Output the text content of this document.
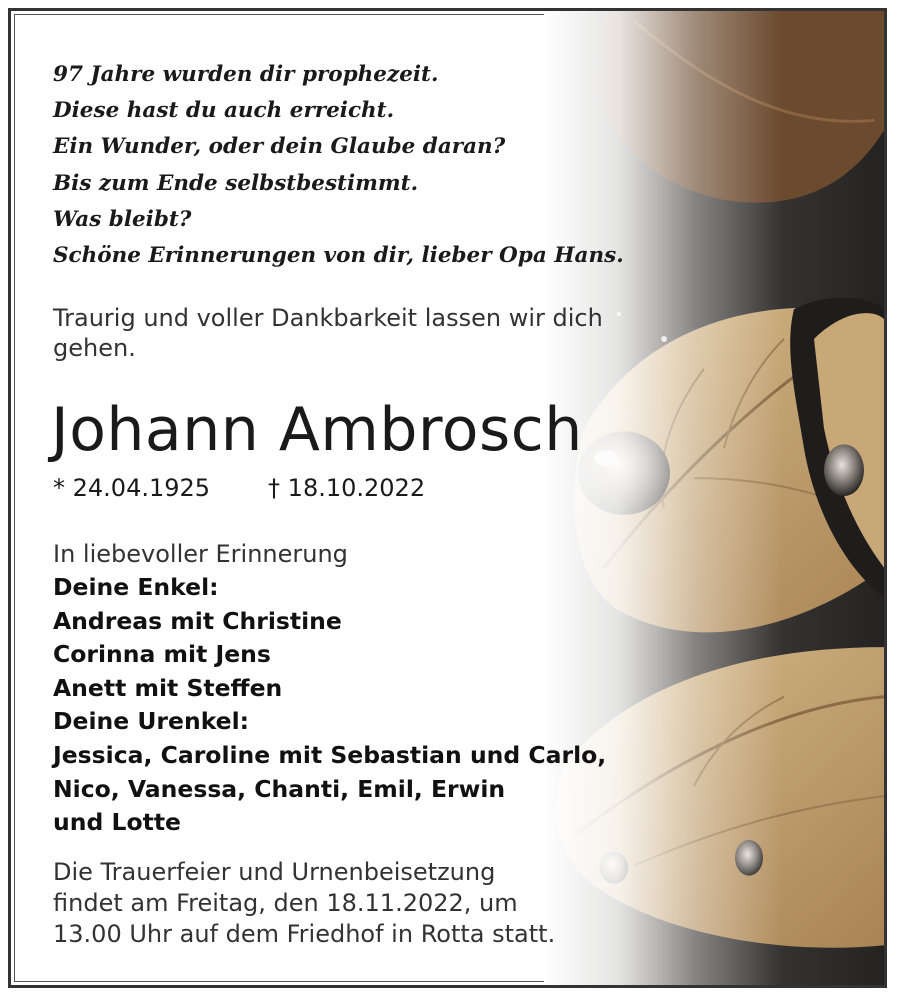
97 Jahre wurden dir prophezeit.
Diese hast du auch erreicht.
Ein Wunder, oder dein Glaube daran?
Bis zum Ende selbstbestimmt.
Was bleibt?
Schöne Erinnerungen von dir, lieber Opa Hans.
Traurig und voller Dankbarkeit lassen wir dich gehen.
Johann Ambrosch
* 24.04.1925 † 18.10.2022
In liebevoller Erinnerung
Deine Enkel:
Andreas mit Christine
Corinna mit Jens
Anett mit Steffen
Deine Urenkel:
Jessica, Caroline mit Sebastian und Carlo,
Nico, Vanessa, Chanti, Emil, Erwin
und Lotte
Die Trauerfeier und Urnenbeisetzung
findet am Freitag, den 18.11.2022, um
13.00 Uhr auf dem Friedhof in Rotta statt.
